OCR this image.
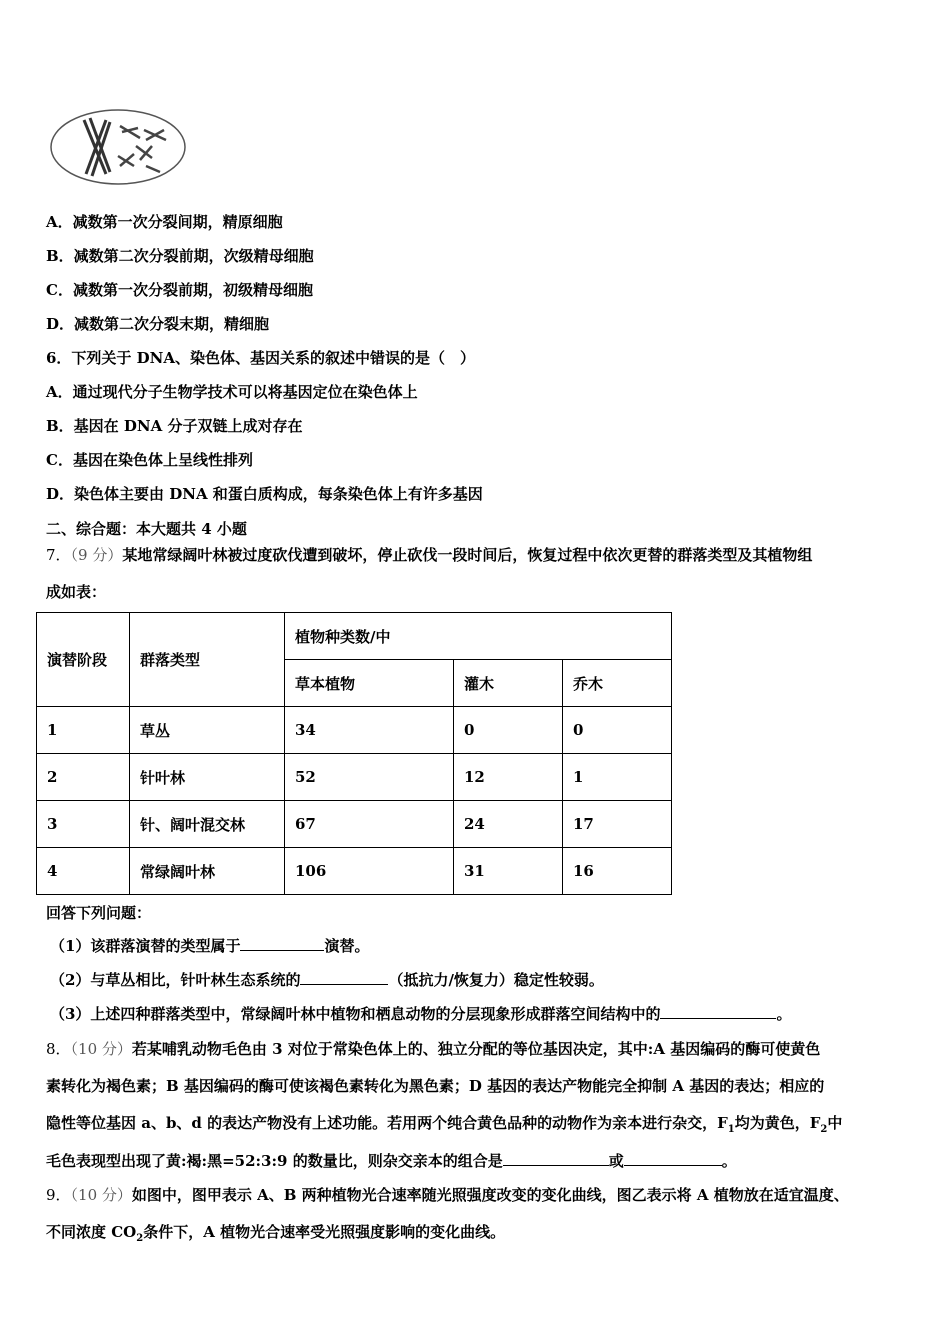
A．减数第一次分裂间期，精原细胞
B．减数第二次分裂前期，次级精母细胞
C．减数第一次分裂前期，初级精母细胞
D．减数第二次分裂末期，精细胞
6．下列关于 DNA、染色体、基因关系的叙述中错误的是（　）
A．通过现代分子生物学技术可以将基因定位在染色体上
B．基因在 DNA 分子双链上成对存在
C．基因在染色体上呈线性排列
D．染色体主要由 DNA 和蛋白质构成，每条染色体上有许多基因
二、综合题：本大题共 4 小题
7．（9 分）某地常绿阔叶林被过度砍伐遭到破坏，停止砍伐一段时间后，恢复过程中依次更替的群落类型及其植物组
成如表：
演替阶段	群落类型	植物种类数/中		
		草本植物	灌木	乔木
1	草丛	34	0	0
2	针叶林	52	12	1
3	针、阔叶混交林	67	24	17
4	常绿阔叶林	106	31	16
回答下列问题：
（1）该群落演替的类型属于	演替。
（2）与草丛相比，针叶林生态系统的	（抵抗力/恢复力）稳定性较弱。
（3）上述四种群落类型中，常绿阔叶林中植物和栖息动物的分层现象形成群落空间结构中的	。
8．（10 分）若某哺乳动物毛色由 3 对位于常染色体上的、独立分配的等位基因决定，其中:A 基因编码的酶可使黄色
素转化为褐色素；B 基因编码的酶可使该褐色素转化为黑色素；D 基因的表达产物能完全抑制 A 基因的表达；相应的
隐性等位基因 a、b、d 的表达产物没有上述功能。若用两个纯合黄色品种的动物作为亲本进行杂交，$F_1$均为黄色，$F_2$中
毛色表现型出现了黄:褐:黑=52:3:9 的数量比，则杂交亲本的组合是	或	。
9．（10 分）如图中，图甲表示 A、B 两种植物光合速率随光照强度改变的变化曲线，图乙表示将 A 植物放在适宜温度、
不同浓度 $CO_2$条件下，A 植物光合速率受光照强度影响的变化曲线。
